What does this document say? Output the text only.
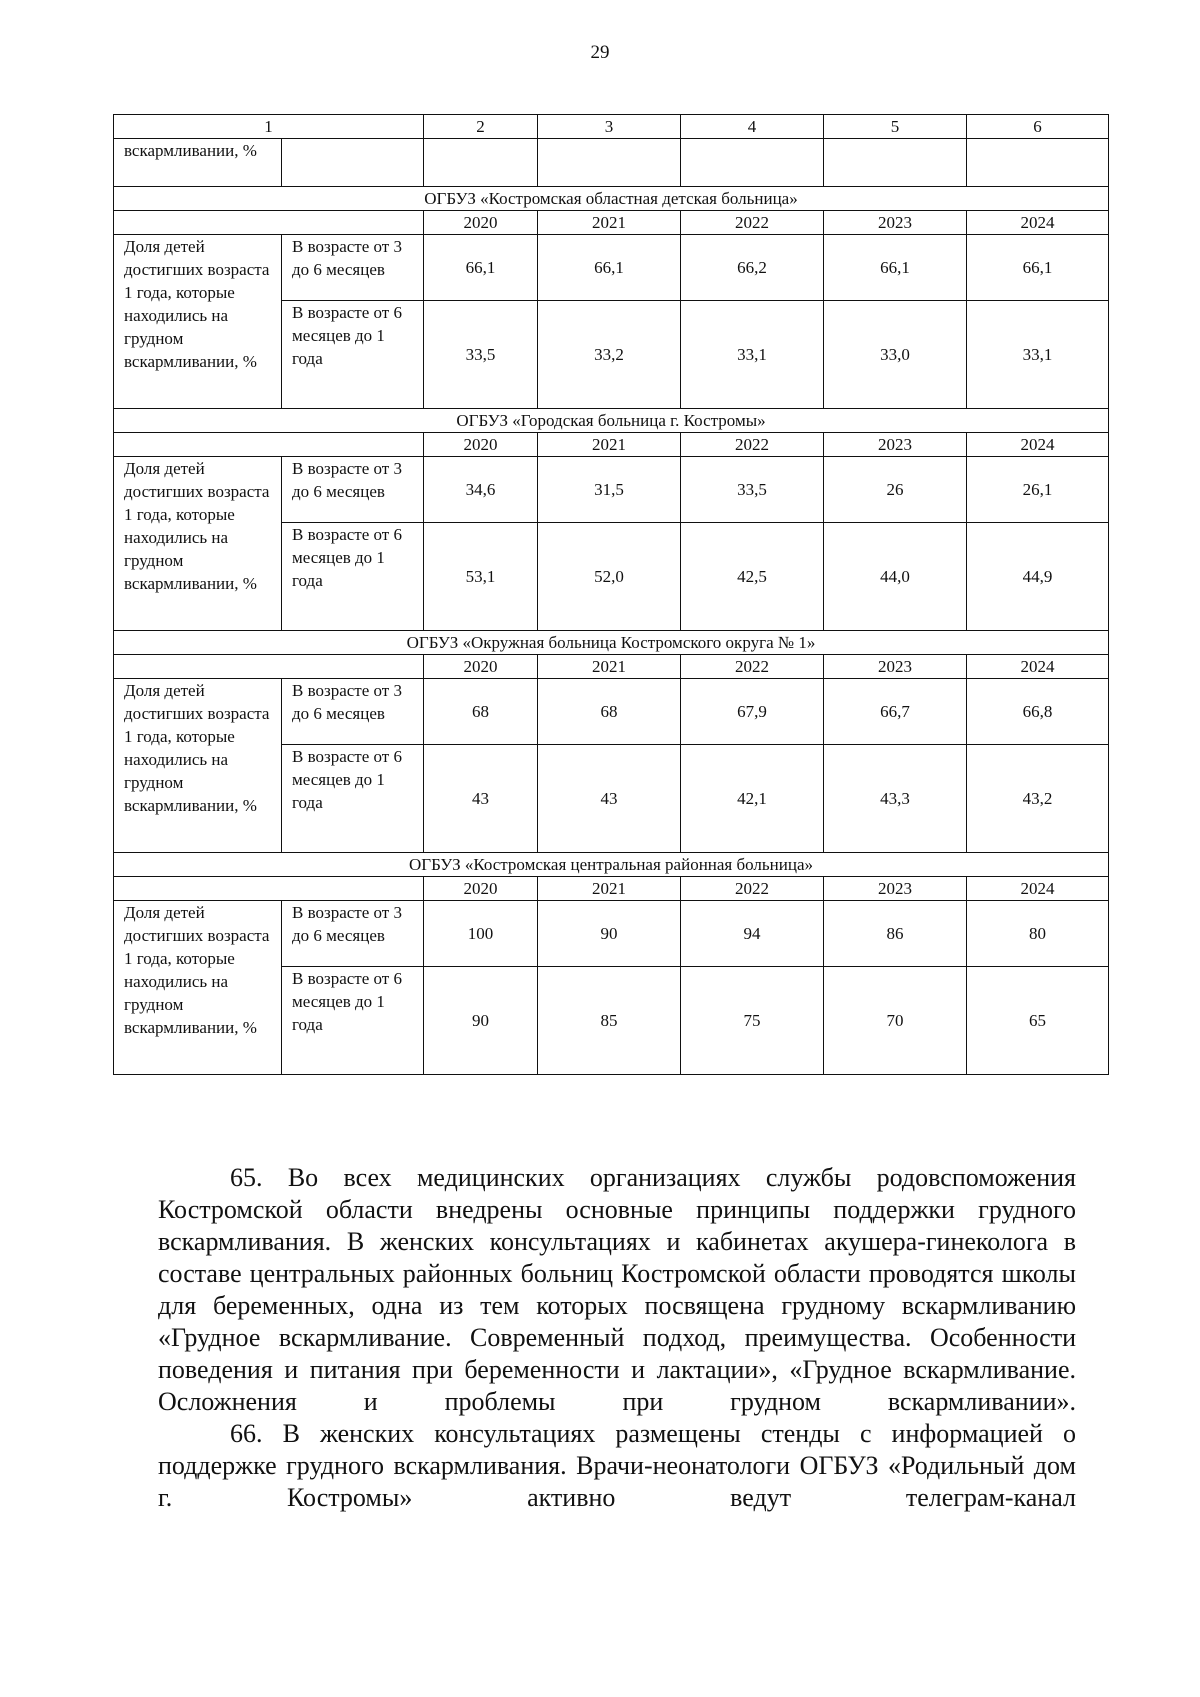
29
1		2	3	4	5	6
вскармливании, %						
ОГБУЗ «Костромская областная детская больница»						
		2020	2021	2022	2023	2024
Доля детей достигших возраста 1 года, которые находились на грудном вскармливании, %	В возрасте от 3 до 6 месяцев	66,1	66,1	66,2	66,1	66,1
	В возрасте от 6 месяцев до 1 года	33,5	33,2	33,1	33,0	33,1
ОГБУЗ «Городская больница г. Костромы»						
		2020	2021	2022	2023	2024
Доля детей достигших возраста 1 года, которые находились на грудном вскармливании, %	В возрасте от 3 до 6 месяцев	34,6	31,5	33,5	26	26,1
	В возрасте от 6 месяцев до 1 года	53,1	52,0	42,5	44,0	44,9
ОГБУЗ «Окружная больница Костромского округа № 1»						
		2020	2021	2022	2023	2024
Доля детей достигших возраста 1 года, которые находились на грудном вскармливании, %	В возрасте от 3 до 6 месяцев	68	68	67,9	66,7	66,8
	В возрасте от 6 месяцев до 1 года	43	43	42,1	43,3	43,2
ОГБУЗ «Костромская центральная районная больница»						
		2020	2021	2022	2023	2024
Доля детей достигших возраста 1 года, которые находились на грудном вскармливании, %	В возрасте от 3 до 6 месяцев	100	90	94	86	80
	В возрасте от 6 месяцев до 1 года	90	85	75	70	65

65. Во всех медицинских организациях службы родовспоможения Костромской области внедрены основные принципы поддержки грудного вскармливания. В женских консультациях и кабинетах акушера-гинеколога в составе центральных районных больниц Костромской области проводятся школы для беременных, одна из тем которых посвящена грудному вскармливанию «Грудное вскармливание. Современный подход, преимущества. Особенности поведения и питания при беременности и лактации», «Грудное вскармливание. Осложнения и проблемы при грудном вскармливании».

66. В женских консультациях размещены стенды с информацией о поддержке грудного вскармливания. Врачи-неонатологи ОГБУЗ «Родильный дом г. Костромы» активно ведут телеграм-канал
